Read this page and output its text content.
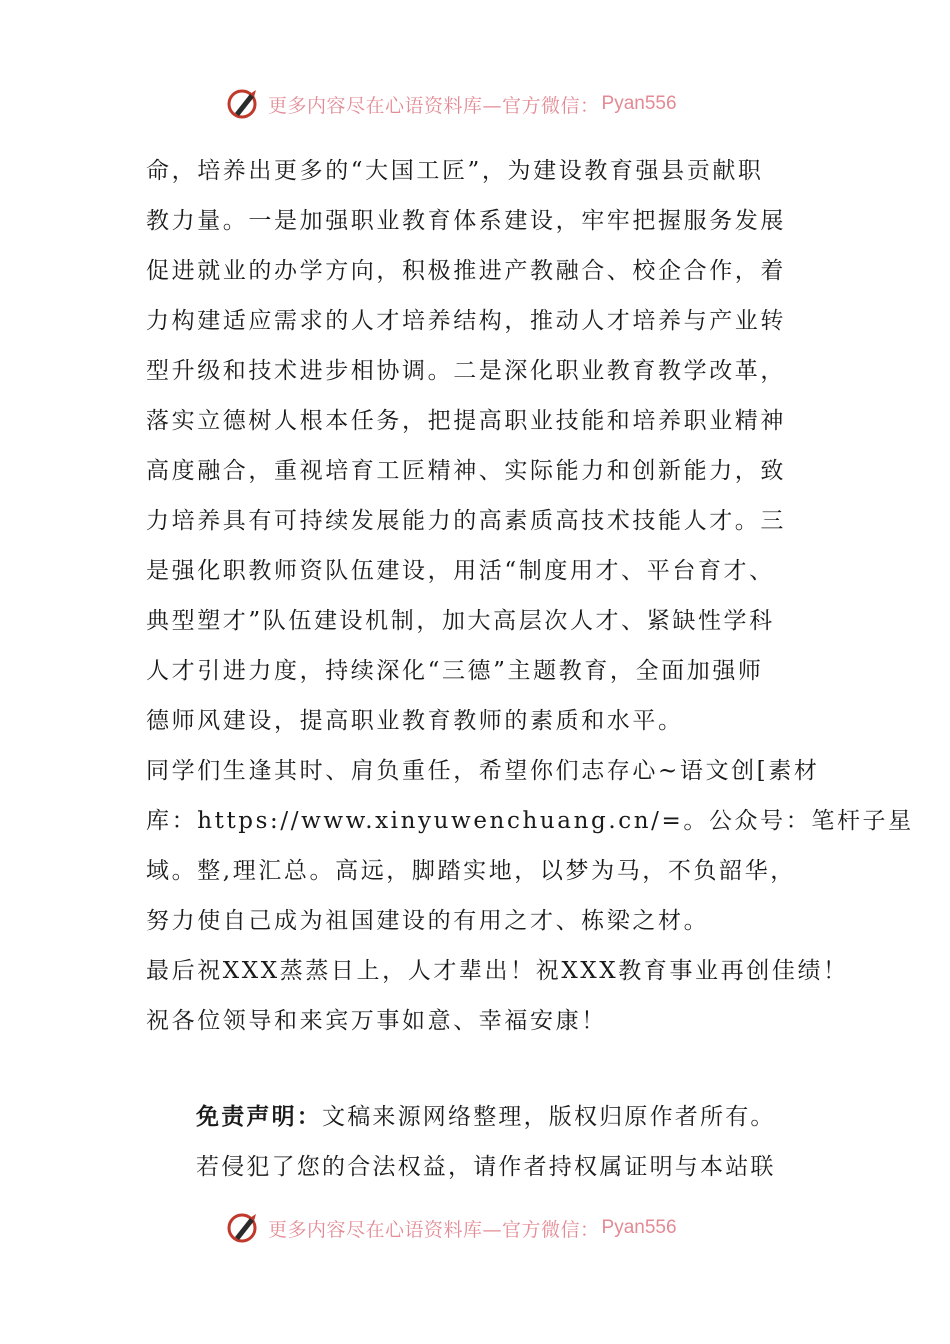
更多内容尽在心语资料库—官方微信： Pyan556
命，培养出更多的“大国工匠”，为建设教育强县贡献职
教力量。一是加强职业教育体系建设，牢牢把握服务发展
促进就业的办学方向，积极推进产教融合、校企合作，着
力构建适应需求的人才培养结构，推动人才培养与产业转
型升级和技术进步相协调。二是深化职业教育教学改革，
落实立德树人根本任务，把提高职业技能和培养职业精神
高度融合，重视培育工匠精神、实际能力和创新能力，致
力培养具有可持续发展能力的高素质高技术技能人才。三
是强化职教师资队伍建设，用活“制度用才、平台育才、
典型塑才”队伍建设机制，加大高层次人才、紧缺性学科
人才引进力度，持续深化“三德”主题教育，全面加强师
德师风建设，提高职业教育教师的素质和水平。
同学们生逢其时、肩负重任，希望你们志存心~语文创[素材
库：https://www.xinyuwenchuang.cn/=。公众号：笔杆子星
域。整,理汇总。高远，脚踏实地，以梦为马，不负韶华，
努力使自己成为祖国建设的有用之才、栋梁之材。
最后祝XXX蒸蒸日上，人才辈出！祝XXX教育事业再创佳绩！
祝各位领导和来宾万事如意、幸福安康！
免责声明：文稿来源网络整理，版权归原作者所有。
若侵犯了您的合法权益，请作者持权属证明与本站联
更多内容尽在心语资料库—官方微信： Pyan556
